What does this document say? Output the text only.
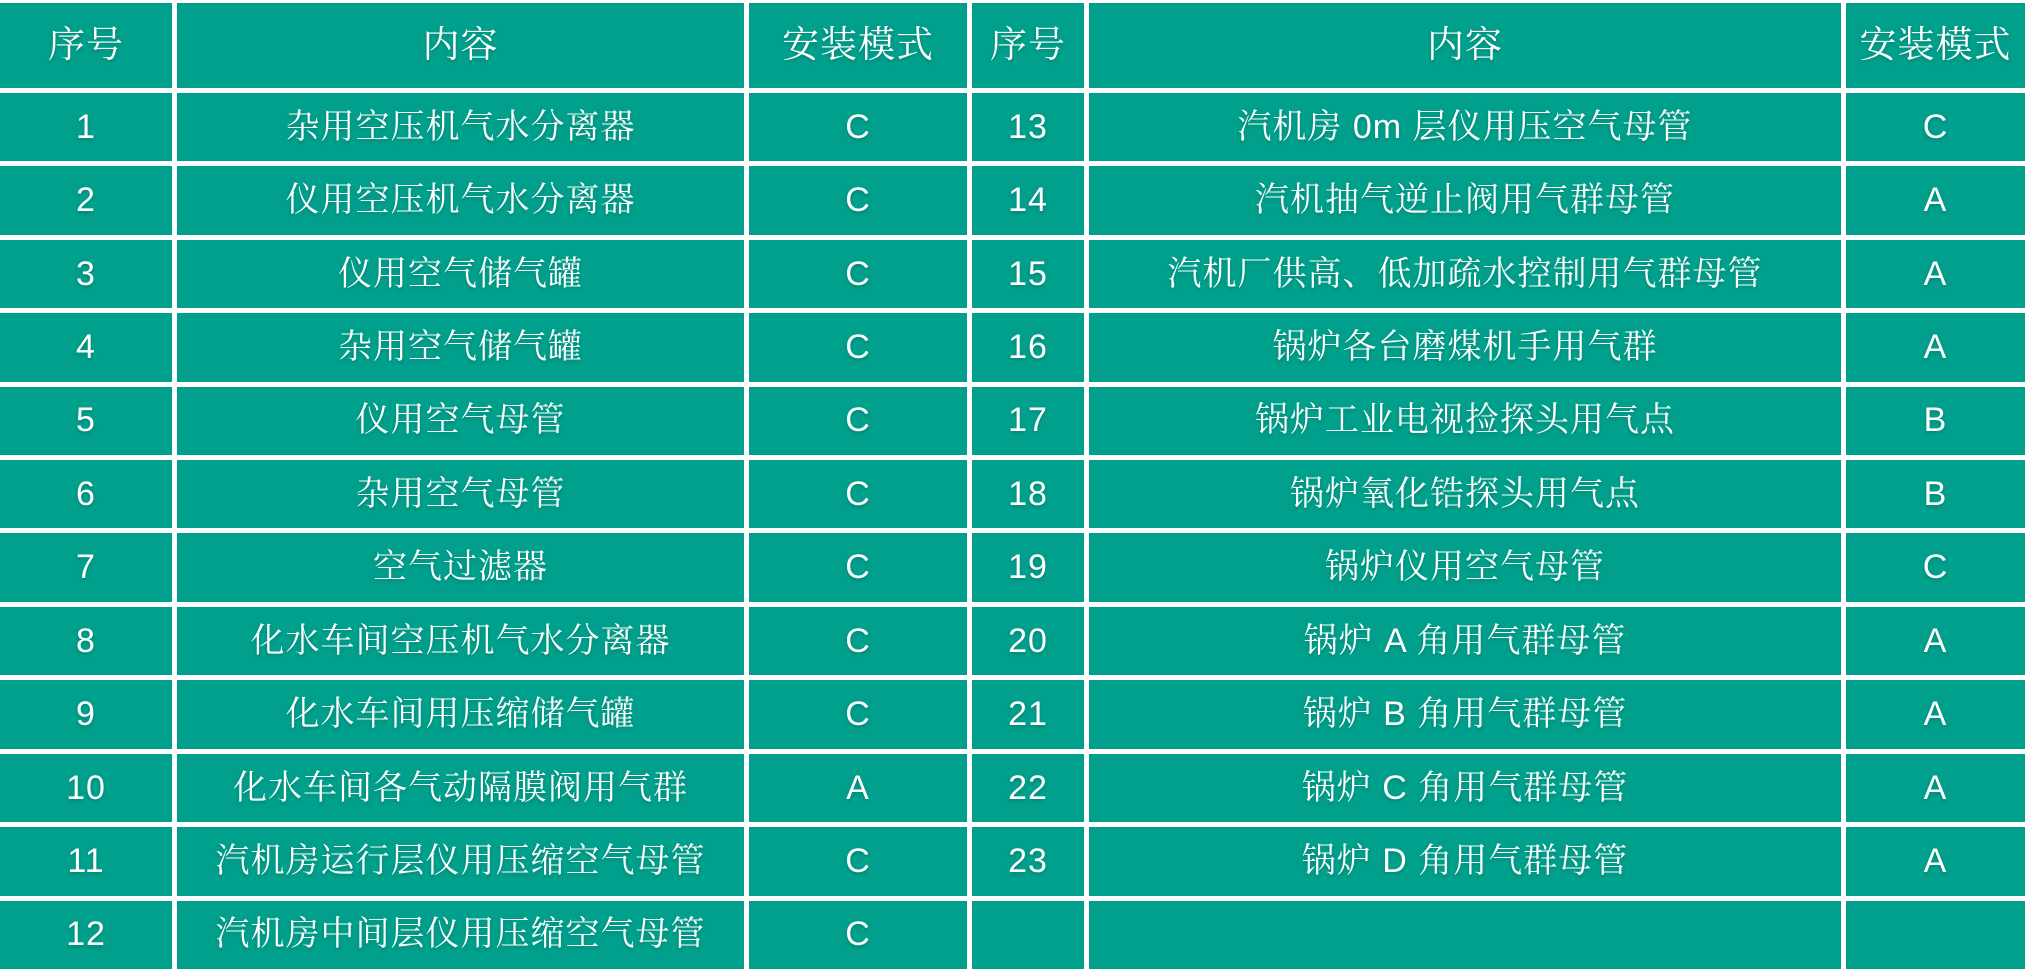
序号	内容	安装模式	序号	内容	安装模式
1	杂用空压机气水分离器	C	13	汽机房 0m 层仪用压空气母管	C
2	仪用空压机气水分离器	C	14	汽机抽气逆止阀用气群母管	A
3	仪用空气储气罐	C	15	汽机厂供高、低加疏水控制用气群母管	A
4	杂用空气储气罐	C	16	锅炉各台磨煤机手用气群	A
5	仪用空气母管	C	17	锅炉工业电视捡探头用气点	B
6	杂用空气母管	C	18	锅炉氧化锆探头用气点	B
7	空气过滤器	C	19	锅炉仪用空气母管	C
8	化水车间空压机气水分离器	C	20	锅炉 A 角用气群母管	A
9	化水车间用压缩储气罐	C	21	锅炉 B 角用气群母管	A
10	化水车间各气动隔膜阀用气群	A	22	锅炉 C 角用气群母管	A
11	汽机房运行层仪用压缩空气母管	C	23	锅炉 D 角用气群母管	A
12	汽机房中间层仪用压缩空气母管	C
